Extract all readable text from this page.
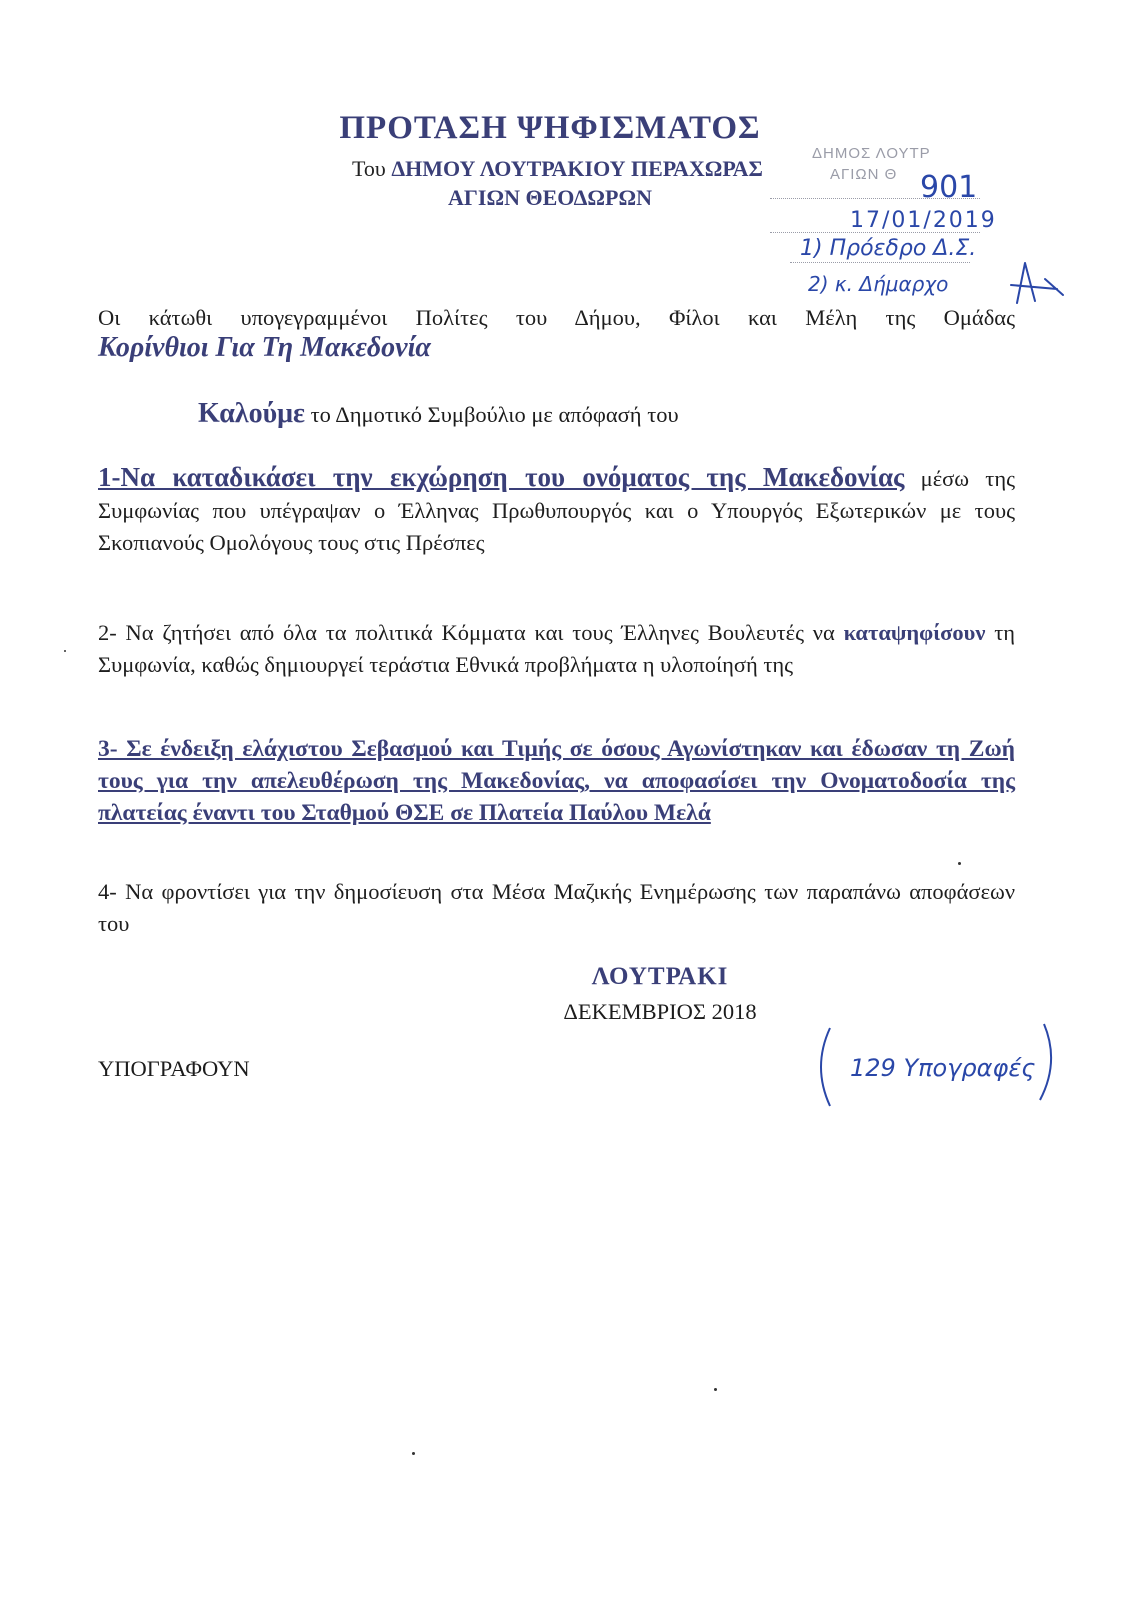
ΠΡΟΤΑΣΗ ΨΗΦΙΣΜΑΤΟΣ
Του ΔΗΜΟΥ ΛΟΥΤΡΑΚΙΟΥ ΠΕΡΑΧΩΡΑΣ
ΑΓΙΩΝ ΘΕΟΔΩΡΩΝ
ΔΗΜΟΣ ΛΟΥΤΡ
ΑΓΙΩΝ Θ 901
17/01/2019
1) Πρόεδρο Δ.Σ.
2) κ. Δήμαρχο
Οι κάτωθι υπογεγραμμένοι Πολίτες του Δήμου, Φίλοι και Μέλη της Ομάδας
Κορίνθιοι Για Τη Μακεδονία
Καλούμε το Δημοτικό Συμβούλιο με απόφασή του
1-Να καταδικάσει την εκχώρηση του ονόματος της Μακεδονίας μέσω της Συμφωνίας που υπέγραψαν ο Έλληνας Πρωθυπουργός και ο Υπουργός Εξωτερικών με τους Σκοπιανούς Ομολόγους τους στις Πρέσπες
2- Να ζητήσει από όλα τα πολιτικά Κόμματα και τους Έλληνες Βουλευτές να καταψηφίσουν τη Συμφωνία, καθώς δημιουργεί τεράστια Εθνικά προβλήματα η υλοποίησή της
3- Σε ένδειξη ελάχιστου Σεβασμού και Τιμής σε όσους Αγωνίστηκαν και έδωσαν τη Ζωή τους για την απελευθέρωση της Μακεδονίας, να αποφασίσει την Ονοματοδοσία της πλατείας έναντι του Σταθμού ΘΣΕ σε Πλατεία Παύλου Μελά
4- Να φροντίσει για την δημοσίευση στα Μέσα Μαζικής Ενημέρωσης των παραπάνω αποφάσεων του
ΛΟΥΤΡΑΚΙ
ΔΕΚΕΜΒΡΙΟΣ 2018
ΥΠΟΓΡΑΦΟΥΝ	129 Υπογραφές
